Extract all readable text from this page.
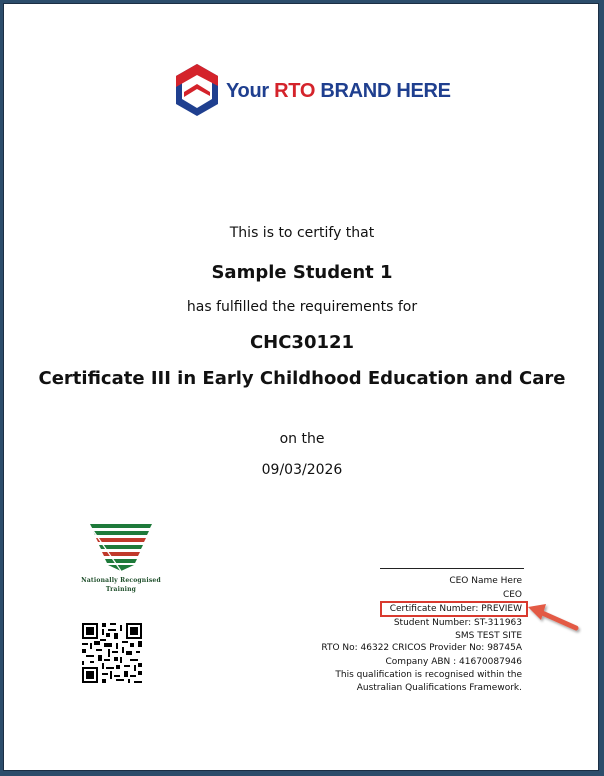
Your RTO BRAND HERE
This is to certify that
Sample Student 1
has fulfilled the requirements for
CHC30121
Certificate III in Early Childhood Education and Care
on the
09/03/2026
Nationally Recognised
Training
CEO Name Here
CEO
Certificate Number: PREVIEW
Student Number: ST-311963
SMS TEST SITE
RTO No: 46322 CRICOS Provider No: 98745A
Company ABN : 41670087946
This qualification is recognised within the
Australian Qualifications Framework.
